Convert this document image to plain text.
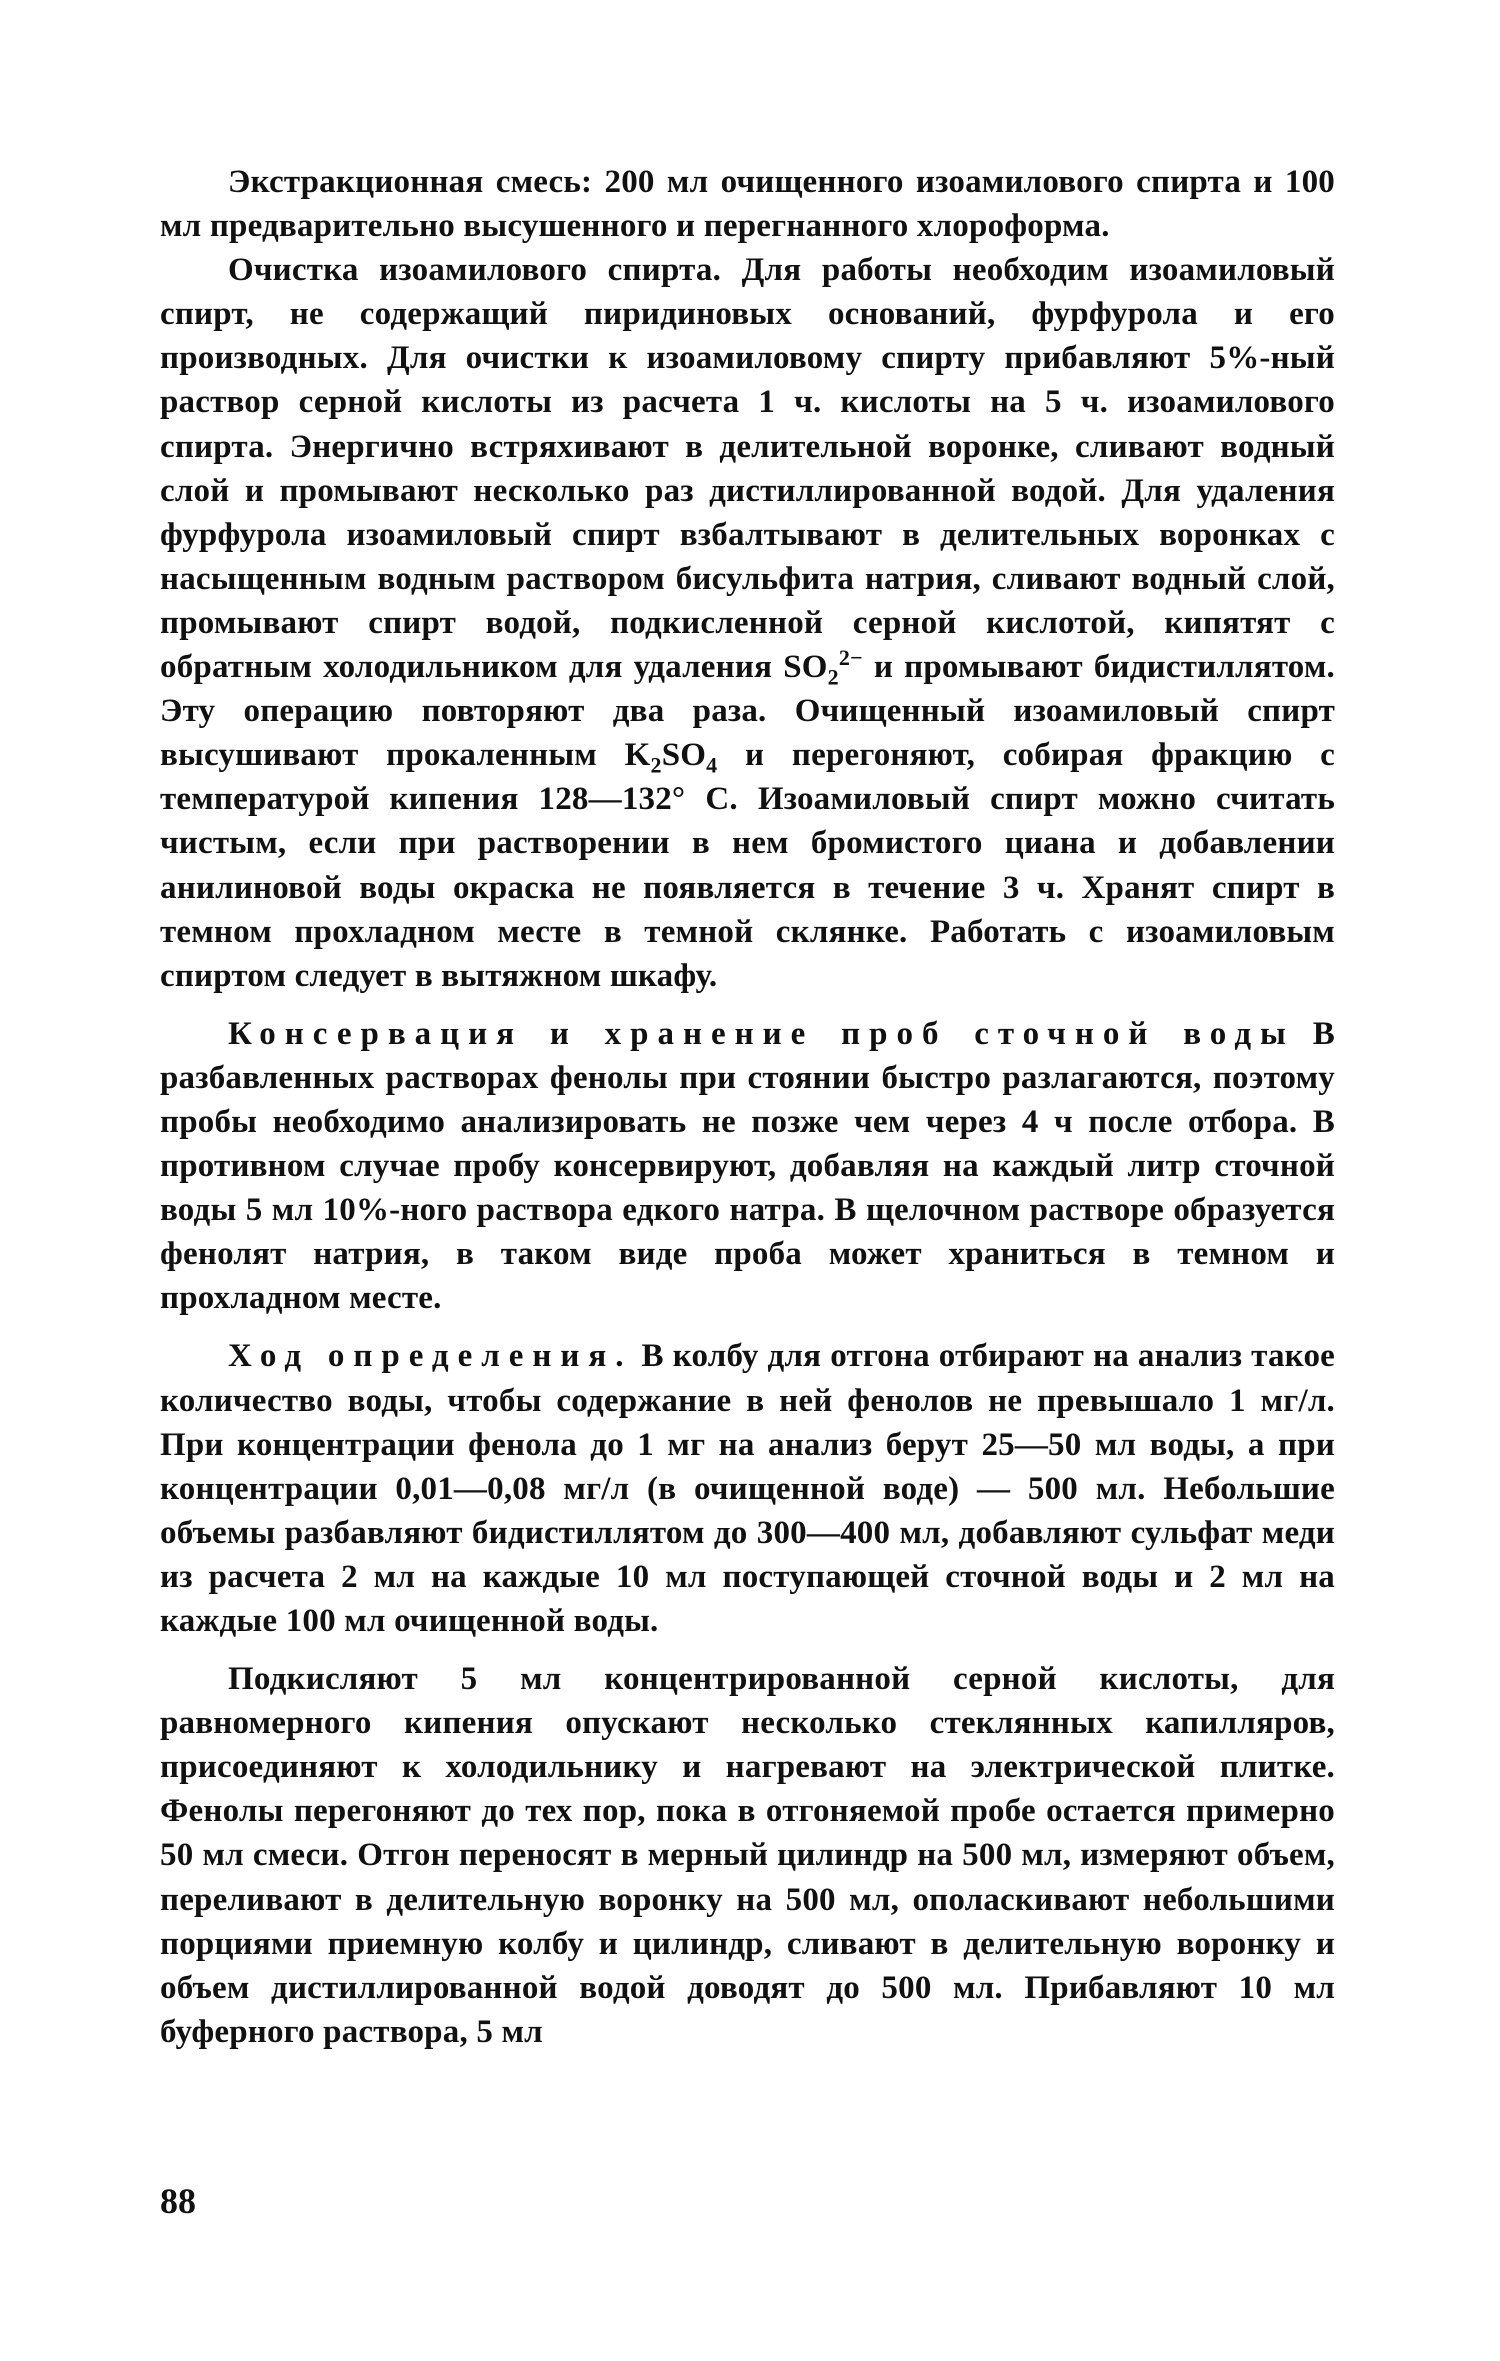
Экстракционная смесь: 200 мл очищенного изоамилового спирта и 100 мл предварительно высушенного и перегнанного хлороформа.

Очистка изоамилового спирта. Для работы необходим изоамиловый спирт, не содержащий пиридиновых оснований, фурфурола и его производных. Для очистки к изоамиловому спирту прибавляют 5%-ный раствор серной кислоты из расчета 1 ч. кислоты на 5 ч. изоамилового спирта. Энергично встряхивают в делительной воронке, сливают водный слой и промывают несколько раз дистиллированной водой. Для удаления фурфурола изоамиловый спирт взбалтывают в делительных воронках с насыщенным водным раствором бисульфита натрия, сливают водный слой, промывают спирт водой, подкисленной серной кислотой, кипятят с обратным холодильником для удаления $SO_2^{2-}$ и промывают бидистиллятом. Эту операцию повторяют два раза. Очищенный изоамиловый спирт высушивают прокаленным $K_2SO_4$ и перегоняют, собирая фракцию с температурой кипения 128—132° С. Изоамиловый спирт можно считать чистым, если при растворении в нем бромистого циана и добавлении анилиновой воды окраска не появляется в течение 3 ч. Хранят спирт в темном прохладном месте в темной склянке. Работать с изоамиловым спиртом следует в вытяжном шкафу.

Консервация и хранение проб сточной воды В разбавленных растворах фенолы при стоянии быстро разлагаются, поэтому пробы необходимо анализировать не позже чем через 4 ч после отбора. В противном случае пробу консервируют, добавляя на каждый литр сточной воды 5 мл 10%-ного раствора едкого натра. В щелочном растворе образуется фенолят натрия, в таком виде проба может храниться в темном и прохладном месте.

Ход определения. В колбу для отгона отбирают на анализ такое количество воды, чтобы содержание в ней фенолов не превышало 1 мг/л. При концентрации фенола до 1 мг на анализ берут 25—50 мл воды, а при концентрации 0,01—0,08 мг/л (в очищенной воде) — 500 мл. Небольшие объемы разбавляют бидистиллятом до 300—400 мл, добавляют сульфат меди из расчета 2 мл на каждые 10 мл поступающей сточной воды и 2 мл на каждые 100 мл очищенной воды.

Подкисляют 5 мл концентрированной серной кислоты, для равномерного кипения опускают несколько стеклянных капилляров, присоединяют к холодильнику и нагревают на электрической плитке. Фенолы перегоняют до тех пор, пока в отгоняемой пробе остается примерно 50 мл смеси. Отгон переносят в мерный цилиндр на 500 мл, измеряют объем, переливают в делительную воронку на 500 мл, ополаскивают небольшими порциями приемную колбу и цилиндр, сливают в делительную воронку и объем дистиллированной водой доводят до 500 мл. Прибавляют 10 мл буферного раствора, 5 мл

88
